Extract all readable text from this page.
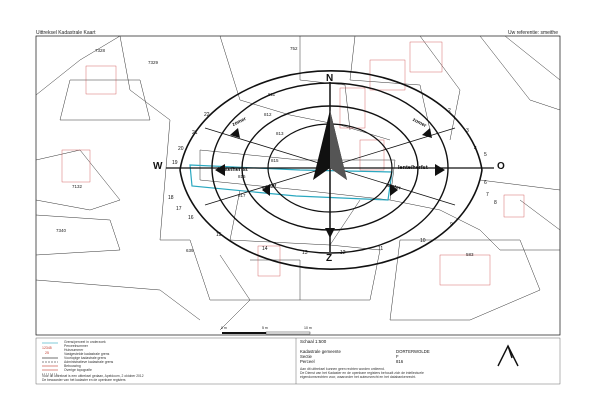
Uittreksel Kadastrale Kaart	Uw referentie: smeithe
12345
25
N
Z
W	O
zomer	zomer
lente/herfst	lente/herfst
winter	winter
22
21
20
19
18
17
16
15
14
2
3
4
5
6
7
8
9
10
13	12
11
7328
7329
752
811
812
813
815
816
817
7132
7340
639
583
Schaal 1:500
0 m	5 m	10 m
Kadastrale gemeente	DORTERWOLDE
Sectie	F
Perceel	816
Aan dit uittreksel kunnen geen rechten worden ontleend.
De Dienst van het Kadaster en de openbare registers behoudt zich de intellectuele
eigendomsrechten voor, waaronder het auteursrecht en het databankenrecht.
Grens/perceel in onderzoek
Perceelnummer
Huisnummer
Vastgestelde kadastrale grens
Voorlopige kadastrale grens
Administratieve kadastrale grens
Bebouwing
Overige topografie
Voor dit uittreksel is een uittreksel gedaan, Apeldoorn, 2 oktober 2012
De bewaarder van het kadaster en de openbare registers
